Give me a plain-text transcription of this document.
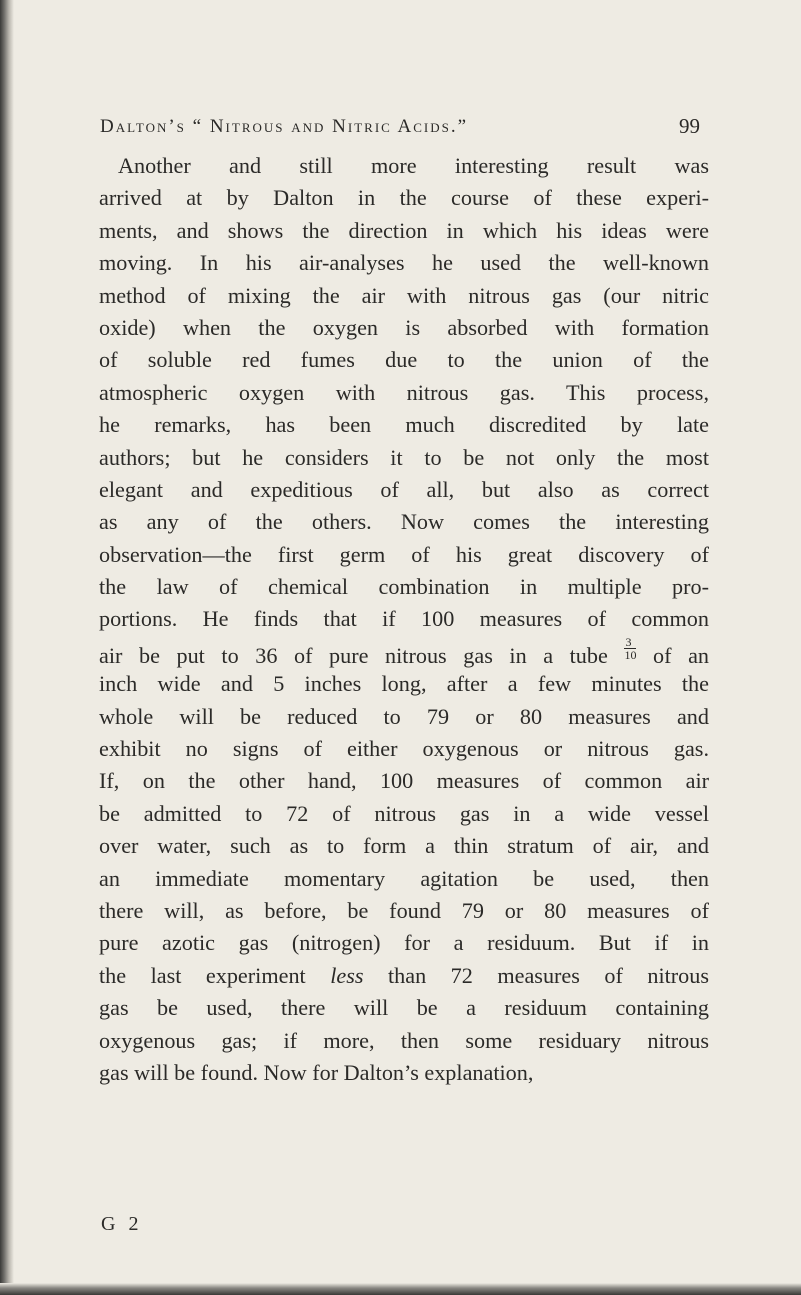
Dalton’s “ Nitrous and Nitric Acids.”	99
Another and still more interesting result was
arrived at by Dalton in the course of these experi-
ments, and shows the direction in which his ideas were
moving. In his air-analyses he used the well-known
method of mixing the air with nitrous gas (our nitric
oxide) when the oxygen is absorbed with formation
of soluble red fumes due to the union of the
atmospheric oxygen with nitrous gas. This process,
he remarks, has been much discredited by late
authors; but he considers it to be not only the most
elegant and expeditious of all, but also as correct
as any of the others. Now comes the interesting
observation—the first germ of his great discovery of
the law of chemical combination in multiple pro-
portions. He finds that if 100 measures of common
air be put to 36 of pure nitrous gas in a tube $\frac{3}{10}$ of an
inch wide and 5 inches long, after a few minutes the
whole will be reduced to 79 or 80 measures and
exhibit no signs of either oxygenous or nitrous gas.
If, on the other hand, 100 measures of common air
be admitted to 72 of nitrous gas in a wide vessel
over water, such as to form a thin stratum of air, and
an immediate momentary agitation be used, then
there will, as before, be found 79 or 80 measures of
pure azotic gas (nitrogen) for a residuum. But if in
the last experiment less than 72 measures of nitrous
gas be used, there will be a residuum containing
oxygenous gas; if more, then some residuary nitrous
gas will be found. Now for Dalton’s explanation,
G 2
